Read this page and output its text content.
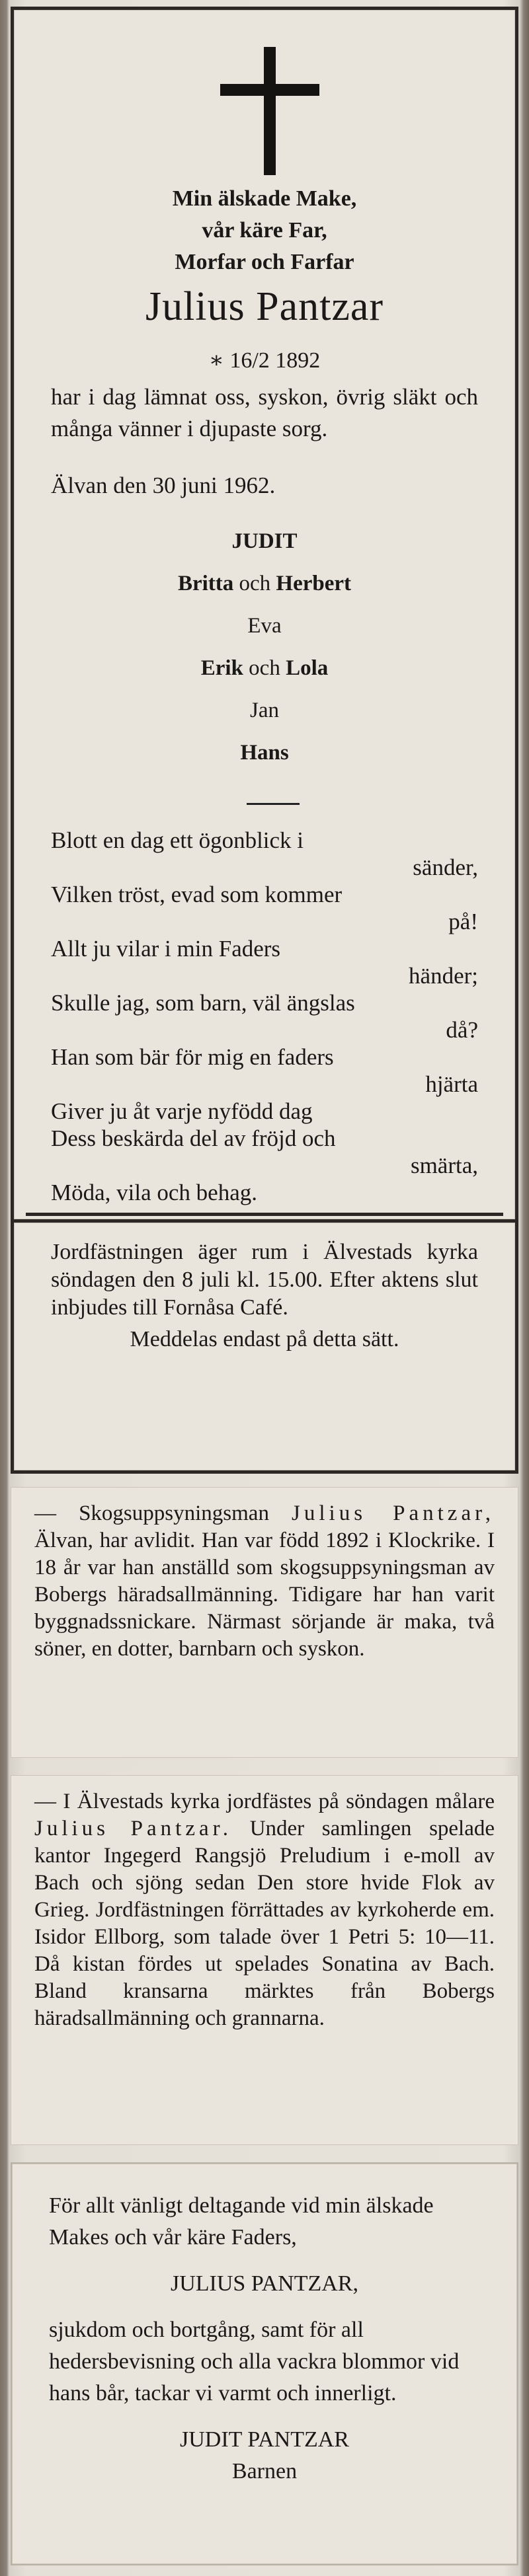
Min älskade Make,
vår käre Far,
Morfar och Farfar
Julius Pantzar
∗ 16/2 1892
har i dag lämnat oss, syskon, övrig släkt och många vänner i djupaste sorg.
Älvan den 30 juni 1962.
JUDIT
Britta och Herbert
Eva
Erik och Lola
Jan
Hans
Blott en dag ett ögonblick i
sänder,
Vilken tröst, evad som kommer
på!
Allt ju vilar i min Faders
händer;
Skulle jag, som barn, väl ängslas
då?
Han som bär för mig en faders
hjärta
Giver ju åt varje nyfödd dag
Dess beskärda del av fröjd och
smärta,
Möda, vila och behag.
Jordfästningen äger rum i Älvestads kyrka söndagen den 8 juli kl. 15.00. Efter aktens slut inbjudes till Fornåsa Café.
Meddelas endast på detta sätt.
— Skogsuppsyningsman Julius Pantzar, Älvan, har avlidit. Han var född 1892 i Klockrike. I 18 år var han anställd som skogsuppsyningsman av Bobergs häradsallmänning. Tidigare har han varit byggnadssnickare. Närmast sörjande är maka, två söner, en dotter, barnbarn och syskon.
— I Älvestads kyrka jordfästes på söndagen målare Julius Pantzar. Under samlingen spelade kantor Ingegerd Rangsjö Preludium i e-moll av Bach och sjöng sedan Den store hvide Flok av Grieg. Jordfästningen förrättades av kyrkoherde em. Isidor Ellborg, som talade över 1 Petri 5: 10—11. Då kistan fördes ut spelades Sonatina av Bach. Bland kransarna märktes från Bobergs häradsallmänning och grannarna.
För allt vänligt deltagande vid min älskade Makes och vår käre Faders,
JULIUS PANTZAR,
sjukdom och bortgång, samt för all hedersbevisning och alla vackra blommor vid hans bår, tackar vi varmt och innerligt.
JUDIT PANTZAR
Barnen
